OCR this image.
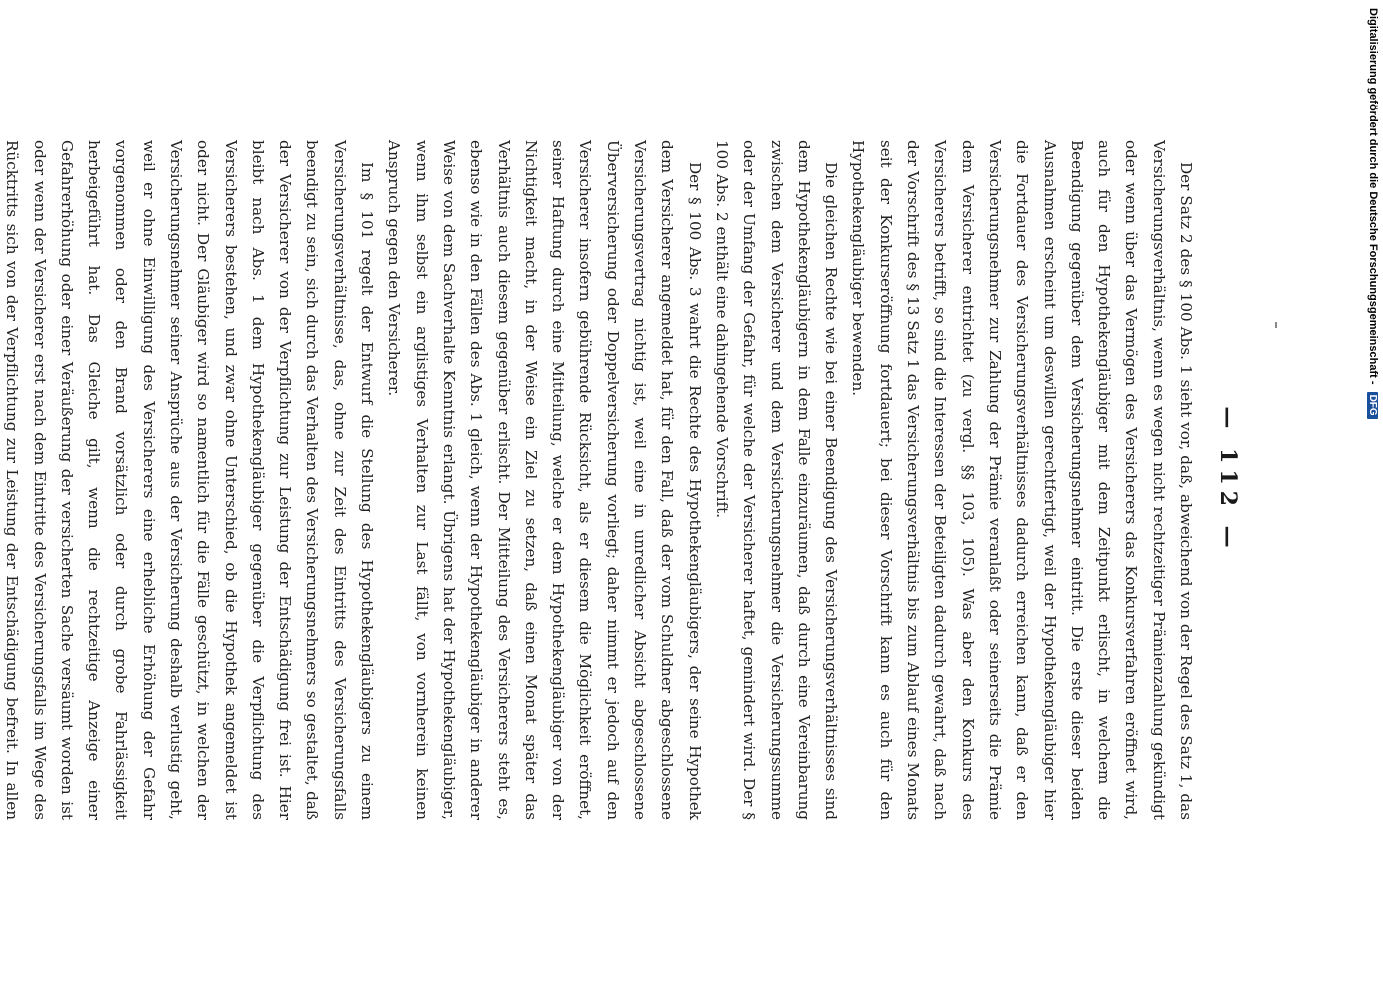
— 112 —

Der Satz 2 des § 100 Abs. 1 sieht vor, daß, abweichend von der Regel des Satz 1, das Versicherungsverhältnis, wenn es wegen nicht rechtzeitiger Prämienzahlung gekündigt oder wenn über das Vermögen des Versicherers das Konkursverfahren eröffnet wird, auch für den Hypothekengläubiger mit dem Zeitpunkt erlischt, in welchem die Beendigung gegenüber dem Versicherungsnehmer eintritt. Die erste dieser beiden Ausnahmen erscheint um deswillen gerechtfertigt, weil der Hypothekengläubiger hier die Fortdauer des Versicherungsverhältnisses dadurch erreichen kann, daß er den Versicherungsnehmer zur Zahlung der Prämie veranlaßt oder seinerseits die Prämie dem Versicherer entrichtet (zu vergl. §§ 103, 105). Was aber den Konkurs des Versicherers betrifft, so sind die Interessen der Beteiligten dadurch gewahrt, daß nach der Vorschrift des § 13 Satz 1 das Versicherungsverhältnis bis zum Ablauf eines Monats seit der Konkurseröffnung fortdauert; bei dieser Vorschrift kann es auch für den Hypothekengläubiger bewenden.

Die gleichen Rechte wie bei einer Beendigung des Versicherungsverhältnisses sind dem Hypothekengläubigern in dem Falle einzuräumen, daß durch eine Vereinbarung zwischen dem Versicherer und dem Versicherungsnehmer die Versicherungssumme oder der Umfang der Gefahr, für welche der Versicherer haftet, gemindert wird. Der § 100 Abs. 2 enthält eine dahingehende Vorschrift.

Der § 100 Abs. 3 wahrt die Rechte des Hypothekengläubigers, der seine Hypothek dem Versicherer angemeldet hat, für den Fall, daß der vom Schuldner abgeschlossene Versicherungsvertrag nichtig ist, weil eine in unredlicher Absicht abgeschlossene Überversicherung oder Doppelversicherung vorliegt; daher nimmt er jedoch auf den Versicherer insofern gebührende Rücksicht, als er diesem die Möglichkeit eröffnet, seiner Haftung durch eine Mitteilung, welche er dem Hypothekengläubiger von der Nichtigkeit macht, in der Weise ein Ziel zu setzen, daß einen Monat später das Verhältnis auch diesem gegenüber erlischt. Der Mitteilung des Versicherers steht es, ebenso wie in den Fällen des Abs. 1 gleich, wenn der Hypothekengläubiger in anderer Weise von dem Sachverhalte Kenntnis erlangt. Übrigens hat der Hypothekengläubiger, wenn ihm selbst ein arglistiges Verhalten zur Last fällt, von vornherein keinen Anspruch gegen den Versicherer.

Im § 101 regelt der Entwurf die Stellung des Hypothekengläubigers zu einem Versicherungsverhältnisse, das, ohne zur Zeit des Eintritts des Versicherungsfalls beendigt zu sein, sich durch das Verhalten des Versicherungsnehmers so gestaltet, daß der Versicherer von der Verpflichtung zur Leistung der Entschädigung frei ist. Hier bleibt nach Abs. 1 dem Hypothekengläubiger gegenüber die Verpflichtung des Versicherers bestehen, und zwar ohne Unterschied, ob die Hypothek angemeldet ist oder nicht. Der Gläubiger wird so namentlich für die Fälle geschützt, in welchen der Versicherungsnehmer seiner Ansprüche aus der Versicherung deshalb verlustig geht, weil er ohne Einwilligung des Versicherers eine erhebliche Erhöhung der Gefahr vorgenommen oder den Brand vorsätzlich oder durch grobe Fahrlässigkeit herbeigeführt hat. Das Gleiche gilt, wenn die rechtzeitige Anzeige einer Gefahrerhöhung oder einer Veräußerung der versicherten Sache versäumt worden ist oder wenn der Versicherer erst nach dem Eintritte des Versicherungsfalls im Wege des Rücktritts sich von der Verpflichtung zur Leistung der Entschädigung befreit. In allen

Digitalisierung gefördert durch die Deutsche Forschungsgemeinschaft - DFG
